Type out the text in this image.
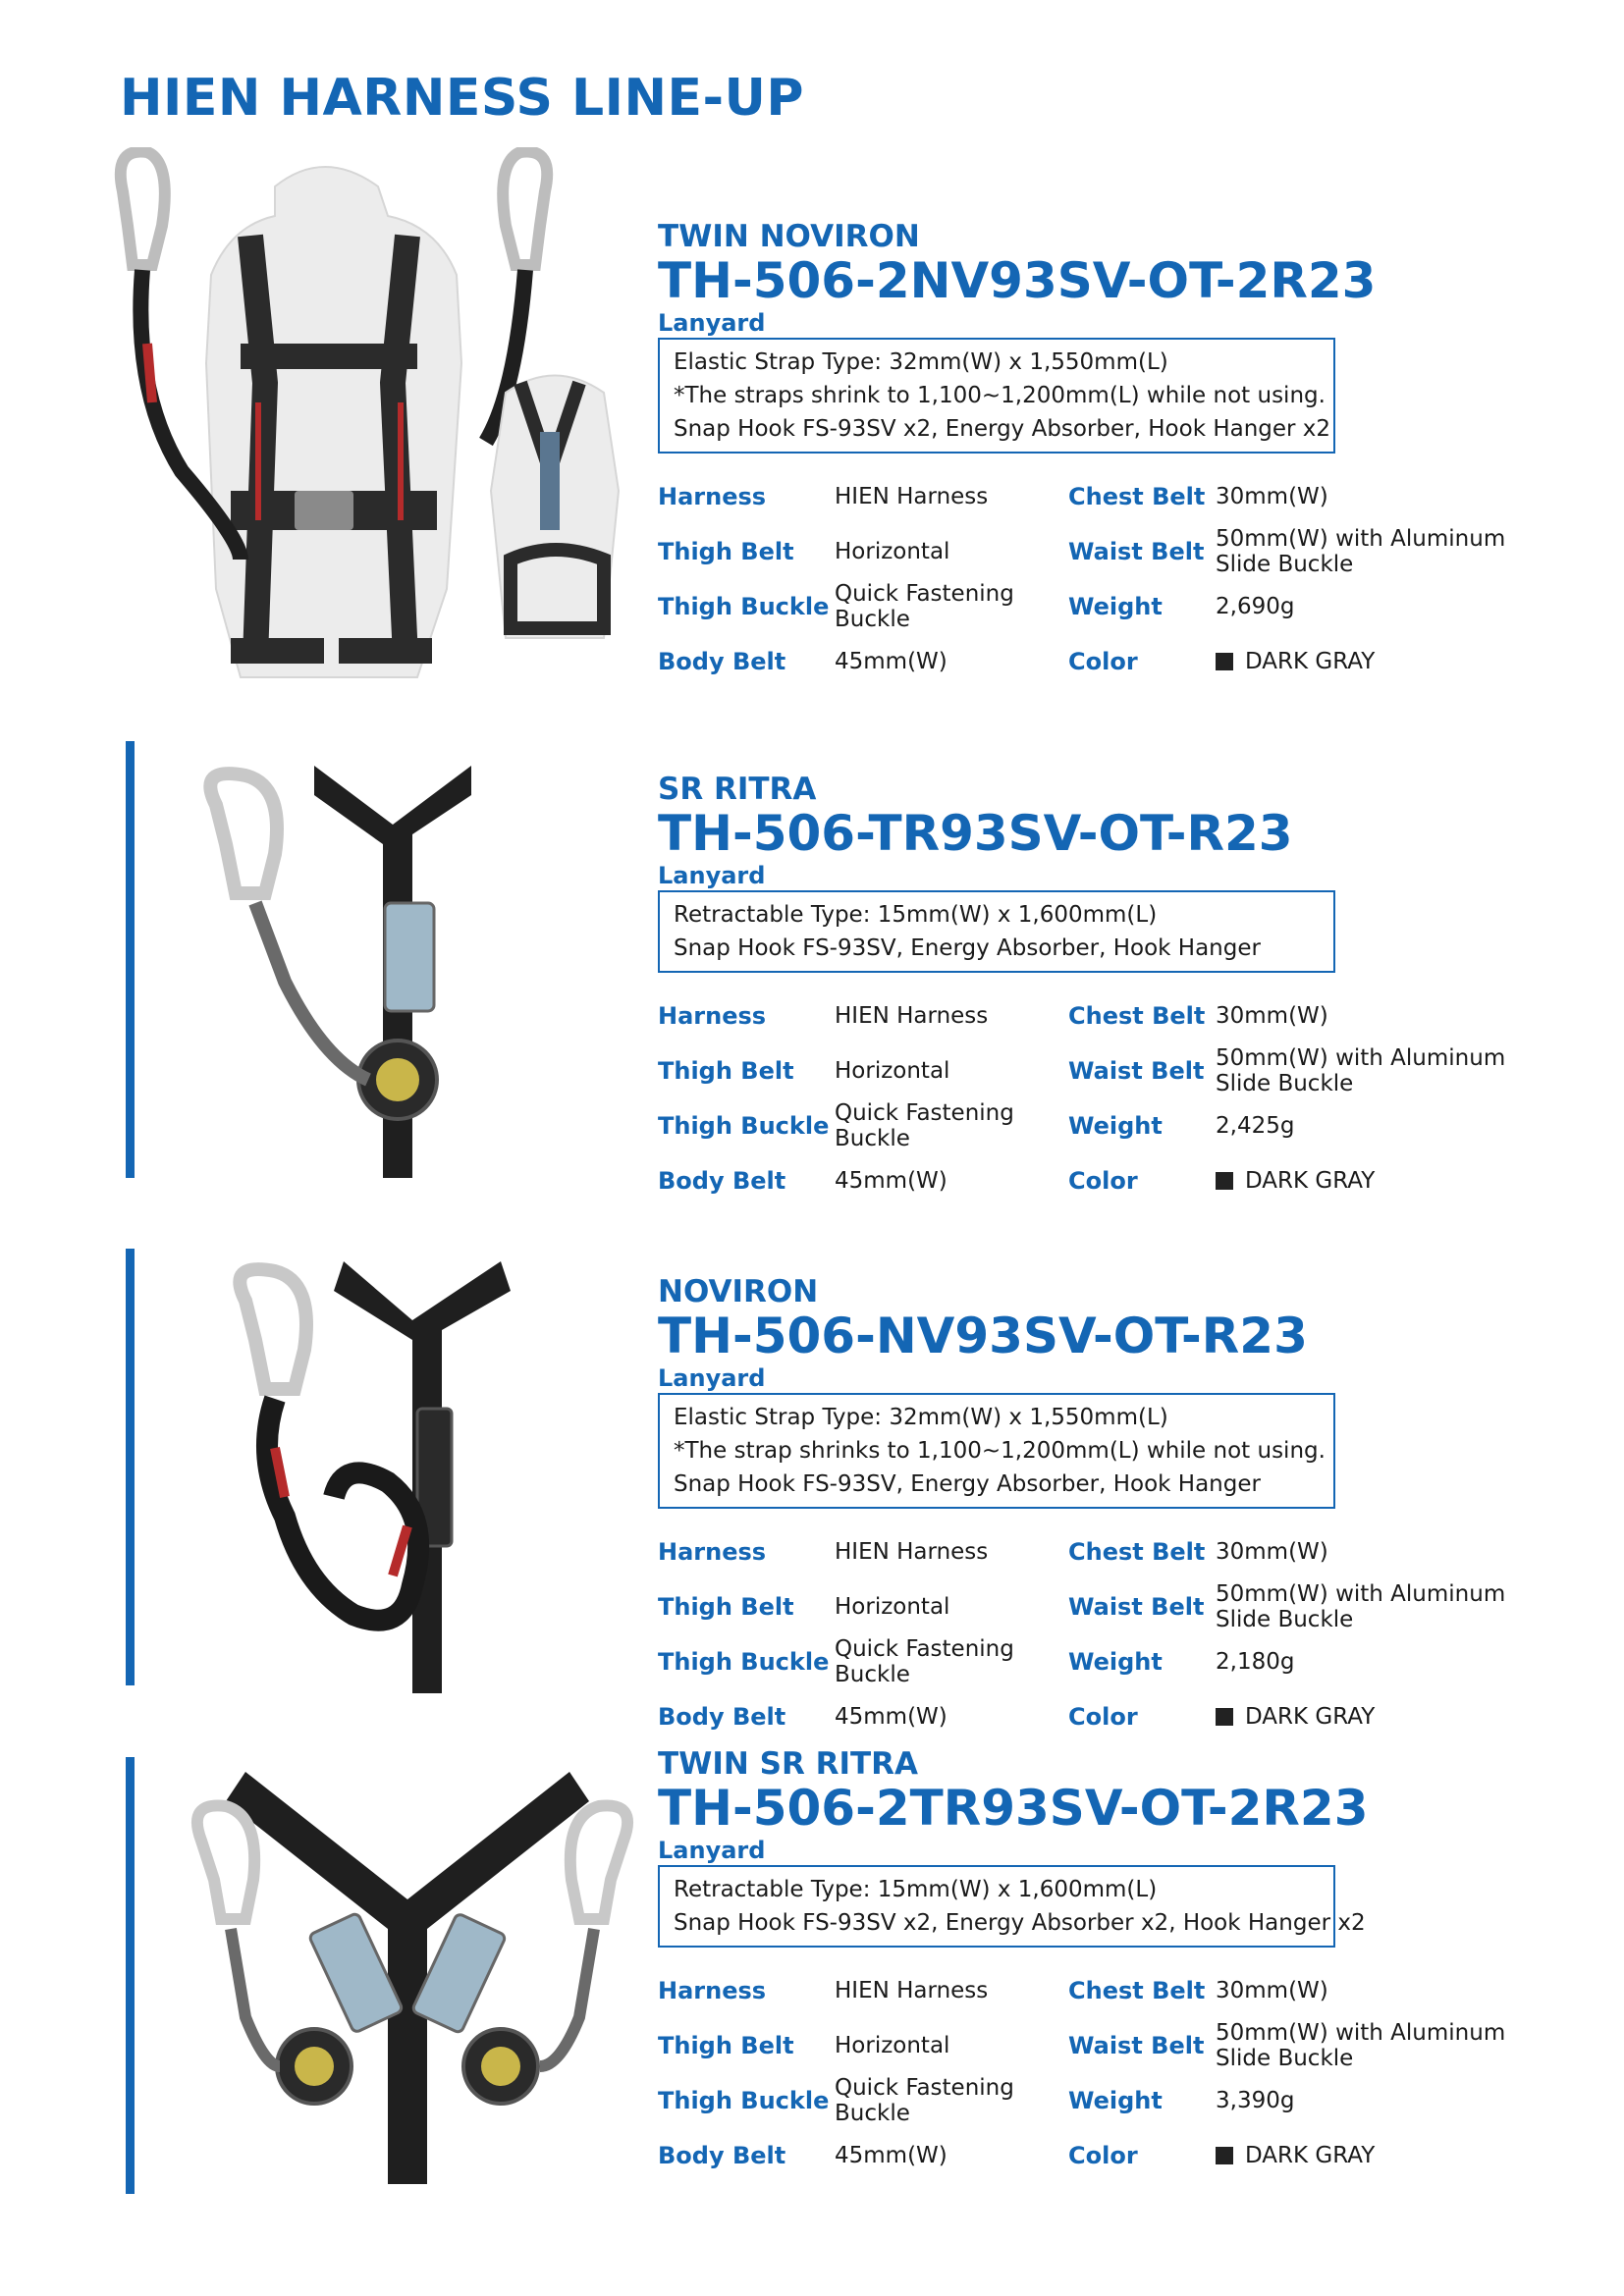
HIEN HARNESS LINE-UP
TWIN NOVIRON
TH-506-2NV93SV-OT-2R23
Lanyard
Elastic Strap Type: 32mm(W) x 1,550mm(L)
*The straps shrink to 1,100~1,200mm(L) while not using.
Snap Hook FS-93SV x2, Energy Absorber, Hook Hanger x2
Harness	HIEN Harness	Chest Belt 30mm(W)
Thigh Belt Horizontal	Waist Belt 50mm(W) with Aluminum Slide Buckle
Thigh Buckle Quick Fastening Buckle	Weight 2,690g
Body Belt 45mm(W)	Color	DARK GRAY
SR RITRA
TH-506-TR93SV-OT-R23
Lanyard
Retractable Type: 15mm(W) x 1,600mm(L)
Snap Hook FS-93SV, Energy Absorber, Hook Hanger
Harness	HIEN Harness	Chest Belt 30mm(W)
Thigh Belt Horizontal	Waist Belt 50mm(W) with Aluminum Slide Buckle
Thigh Buckle Quick Fastening Buckle	Weight 2,425g
Body Belt 45mm(W)	Color	DARK GRAY
NOVIRON
TH-506-NV93SV-OT-R23
Lanyard
Elastic Strap Type: 32mm(W) x 1,550mm(L)
*The strap shrinks to 1,100~1,200mm(L) while not using.
Snap Hook FS-93SV, Energy Absorber, Hook Hanger
Harness	HIEN Harness	Chest Belt 30mm(W)
Thigh Belt Horizontal	Waist Belt 50mm(W) with Aluminum Slide Buckle
Thigh Buckle Quick Fastening Buckle	Weight 2,180g
Body Belt 45mm(W)	Color	DARK GRAY
TWIN SR RITRA
TH-506-2TR93SV-OT-2R23
Lanyard
Retractable Type: 15mm(W) x 1,600mm(L)
Snap Hook FS-93SV x2, Energy Absorber x2, Hook Hanger x2
Harness	HIEN Harness	Chest Belt 30mm(W)
Thigh Belt Horizontal	Waist Belt 50mm(W) with Aluminum Slide Buckle
Thigh Buckle Quick Fastening Buckle	Weight 3,390g
Body Belt 45mm(W)	Color	DARK GRAY
